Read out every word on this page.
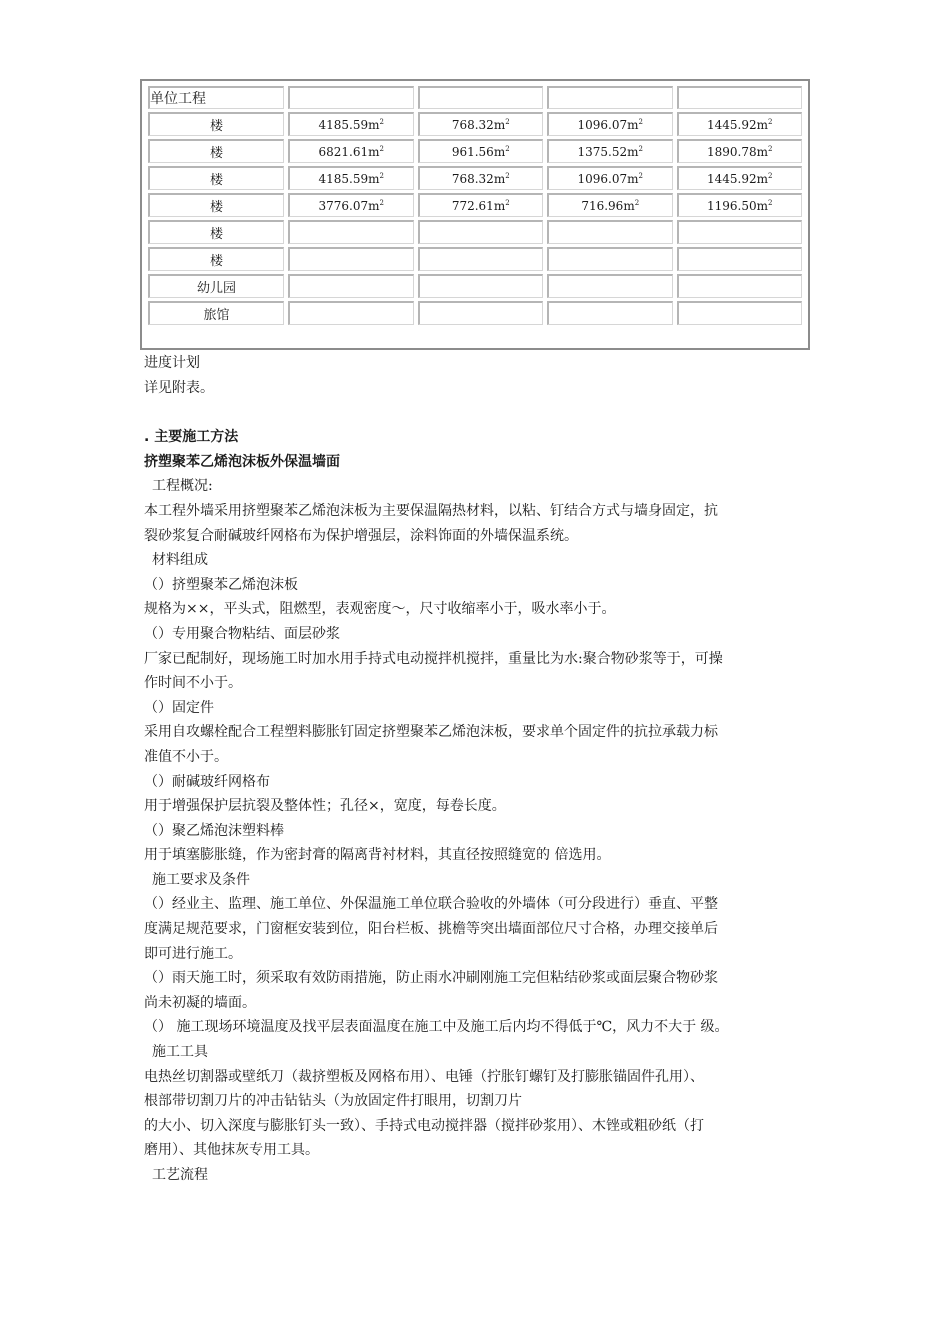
单位工程				
楼	$4185.59m^2$	$768.32m^2$	$1096.07m^2$	$1445.92m^2$
楼	$6821.61m^2$	$961.56m^2$	$1375.52m^2$	$1890.78m^2$
楼	$4185.59m^2$	$768.32m^2$	$1096.07m^2$	$1445.92m^2$
楼	$3776.07m^2$	$772.61m^2$	$716.96m^2$	$1196.50m^2$
楼				
楼				
幼儿园				
旅馆				

进度计划

详见附表。

. 主要施工方法

挤塑聚苯乙烯泡沫板外保温墙面

工程概况:

本工程外墙采用挤塑聚苯乙烯泡沫板为主要保温隔热材料，以粘、钉结合方式与墙身固定，抗

裂砂浆复合耐碱玻纤网格布为保护增强层，涂料饰面的外墙保温系统。

材料组成

（）挤塑聚苯乙烯泡沫板

规格为××，平头式，阻燃型，表观密度～，尺寸收缩率小于，吸水率小于。

（）专用聚合物粘结、面层砂浆

厂家已配制好，现场施工时加水用手持式电动搅拌机搅拌，重量比为水:聚合物砂浆等于，可操

作时间不小于。

（）固定件

采用自攻螺栓配合工程塑料膨胀钉固定挤塑聚苯乙烯泡沫板，要求单个固定件的抗拉承载力标

准值不小于。

（）耐碱玻纤网格布

用于增强保护层抗裂及整体性；孔径×，宽度，每卷长度。

（）聚乙烯泡沫塑料棒

用于填塞膨胀缝，作为密封膏的隔离背衬材料，其直径按照缝宽的 倍选用。

施工要求及条件

（）经业主、监理、施工单位、外保温施工单位联合验收的外墙体（可分段进行）垂直、平整

度满足规范要求，门窗框安装到位，阳台栏板、挑檐等突出墙面部位尺寸合格，办理交接单后

即可进行施工。

（）雨天施工时，须采取有效防雨措施，防止雨水冲刷刚施工完但粘结砂浆或面层聚合物砂浆

尚未初凝的墙面。

（） 施工现场环境温度及找平层表面温度在施工中及施工后内均不得低于℃，风力不大于 级。

施工工具

电热丝切割器或壁纸刀（裁挤塑板及网格布用）、电锤（拧胀钉螺钉及打膨胀锚固件孔用）、

根部带切割刀片的冲击钻钻头（为放固定件打眼用，切割刀片

的大小、切入深度与膨胀钉头一致）、手持式电动搅拌器（搅拌砂浆用）、木锉或粗砂纸（打

磨用）、其他抹灰专用工具。

工艺流程
